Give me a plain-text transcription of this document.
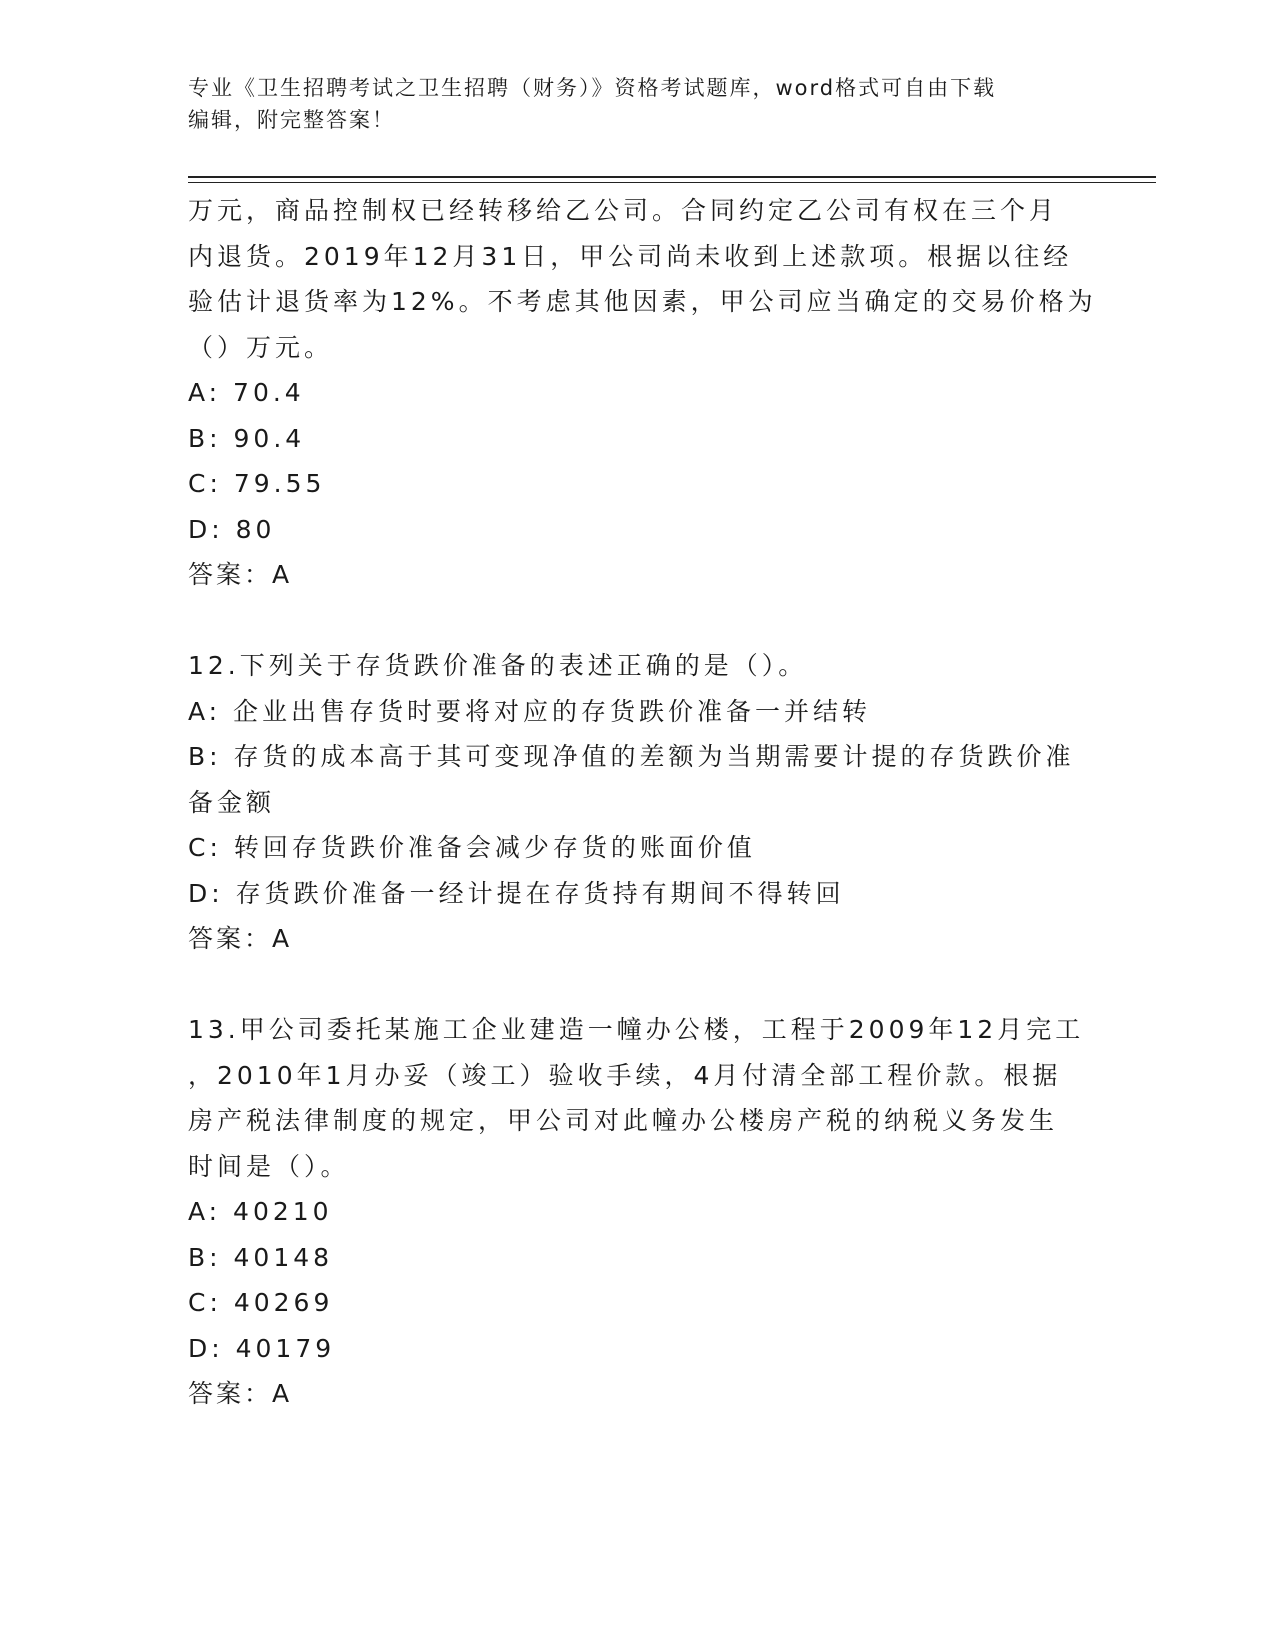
专业《卫生招聘考试之卫生招聘（财务）》资格考试题库，word格式可自由下载
编辑，附完整答案！
万元，商品控制权已经转移给乙公司。合同约定乙公司有权在三个月
内退货。2019年12月31日，甲公司尚未收到上述款项。根据以往经
验估计退货率为12%。不考虑其他因素，甲公司应当确定的交易价格为
（）万元。
A: 70.4
B: 90.4
C: 79.55
D: 80
答案：A
12.下列关于存货跌价准备的表述正确的是（）。
A: 企业出售存货时要将对应的存货跌价准备一并结转
B: 存货的成本高于其可变现净值的差额为当期需要计提的存货跌价准
备金额
C: 转回存货跌价准备会减少存货的账面价值
D: 存货跌价准备一经计提在存货持有期间不得转回
答案：A
13.甲公司委托某施工企业建造一幢办公楼，工程于2009年12月完工
，2010年1月办妥（竣工）验收手续，4月付清全部工程价款。根据
房产税法律制度的规定，甲公司对此幢办公楼房产税的纳税义务发生
时间是（）。
A: 40210
B: 40148
C: 40269
D: 40179
答案：A
